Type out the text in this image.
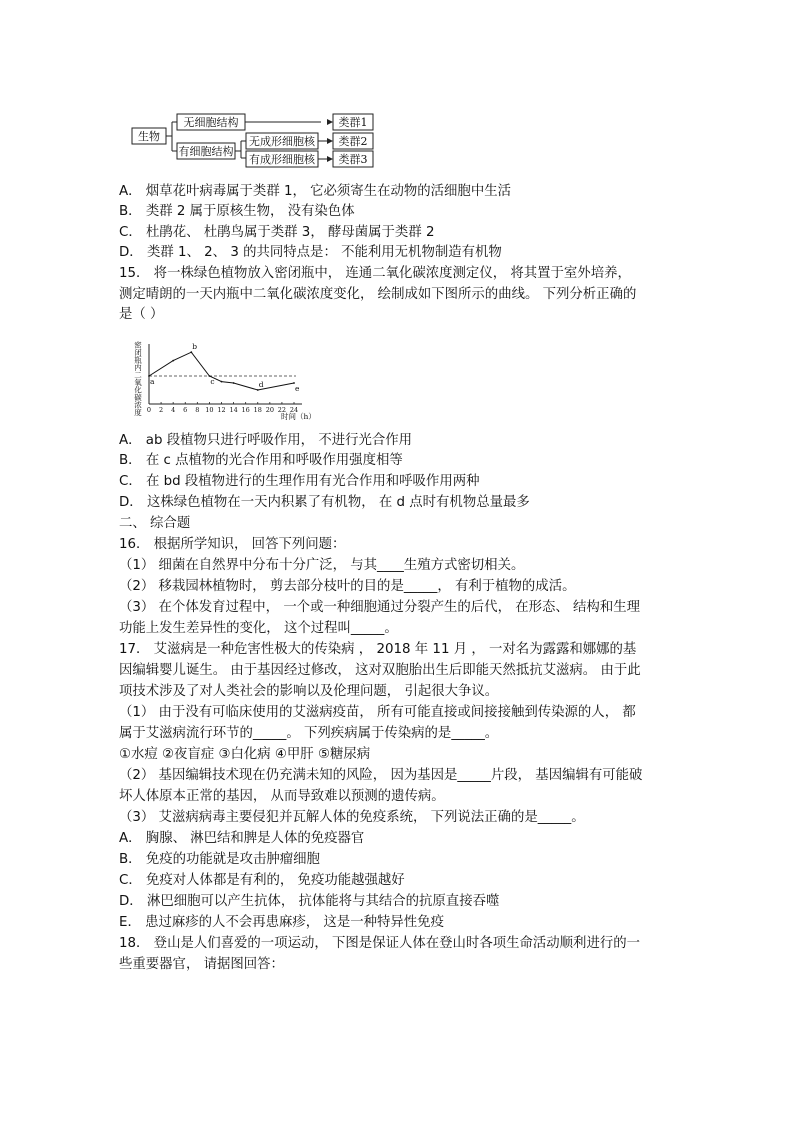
生物
无细胞结构
有细胞结构
无成形细胞核
有成形细胞核
类群1
类群2
类群3
A． 烟草花叶病毒属于类群 1， 它必须寄生在动物的活细胞中生活
B． 类群 2 属于原核生物， 没有染色体
C． 杜鹃花、 杜鹃鸟属于类群 3， 酵母菌属于类群 2
D． 类群 1、 2、 3 的共同特点是： 不能利用无机物制造有机物
15． 将一株绿色植物放入密闭瓶中， 连通二氧化碳浓度测定仪， 将其置于室外培养，
测定晴朗的一天内瓶中二氧化碳浓度变化， 绘制成如下图所示的曲线。 下列分析正确的
是（ ）
密闭瓶内二氧化碳浓度
时间（h）
0 2 4 6 8 10 12 14 16 18 20 22 24
a
b
c	d	e
A． ab 段植物只进行呼吸作用， 不进行光合作用
B． 在 c 点植物的光合作用和呼吸作用强度相等
C． 在 bd 段植物进行的生理作用有光合作用和呼吸作用两种
D． 这株绿色植物在一天内积累了有机物， 在 d 点时有机物总量最多
二、 综合题
16． 根据所学知识， 回答下列问题：
（1） 细菌在自然界中分布十分广泛， 与其____生殖方式密切相关。
（2） 移栽园林植物时， 剪去部分枝叶的目的是_____， 有利于植物的成活。
（3） 在个体发育过程中， 一个或一种细胞通过分裂产生的后代， 在形态、 结构和生理
功能上发生差异性的变化， 这个过程叫_____。
17． 艾滋病是一种危害性极大的传染病 ， 2018 年 11 月 ， 一对名为露露和娜娜的基
因编辑婴儿诞生。 由于基因经过修改， 这对双胞胎出生后即能天然抵抗艾滋病。 由于此
项技术涉及了对人类社会的影响以及伦理问题， 引起很大争议。
（1） 由于没有可临床使用的艾滋病疫苗， 所有可能直接或间接接触到传染源的人， 都
属于艾滋病流行环节的_____。 下列疾病属于传染病的是_____。
①水痘 ②夜盲症 ③白化病 ④甲肝 ⑤糖尿病
（2） 基因编辑技术现在仍充满未知的风险， 因为基因是_____片段， 基因编辑有可能破
坏人体原本正常的基因， 从而导致难以预测的遗传病。
（3） 艾滋病病毒主要侵犯并瓦解人体的免疫系统， 下列说法正确的是_____。
A． 胸腺、 淋巴结和脾是人体的免疫器官
B． 免疫的功能就是攻击肿瘤细胞
C． 免疫对人体都是有利的， 免疫功能越强越好
D． 淋巴细胞可以产生抗体， 抗体能将与其结合的抗原直接吞噬
E． 患过麻疹的人不会再患麻疹， 这是一种特异性免疫
18． 登山是人们喜爱的一项运动， 下图是保证人体在登山时各项生命活动顺利进行的一
些重要器官， 请据图回答：
